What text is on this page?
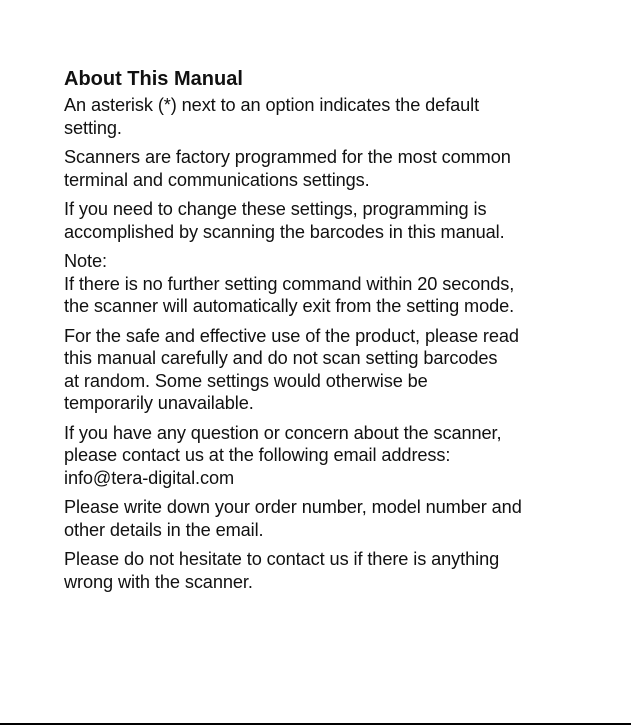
About This Manual

An asterisk (*) next to an option indicates the default
setting.

Scanners are factory programmed for the most common
terminal and communications settings.

If you need to change these settings, programming is
accomplished by scanning the barcodes in this manual.

Note:
If there is no further setting command within 20 seconds,
the scanner will automatically exit from the setting mode.

For the safe and effective use of the product, please read
this manual carefully and do not scan setting barcodes
at random. Some settings would otherwise be
temporarily unavailable.

If you have any question or concern about the scanner,
please contact us at the following email address:
info@tera-digital.com

Please write down your order number, model number and
other details in the email.

Please do not hesitate to contact us if there is anything
wrong with the scanner.
